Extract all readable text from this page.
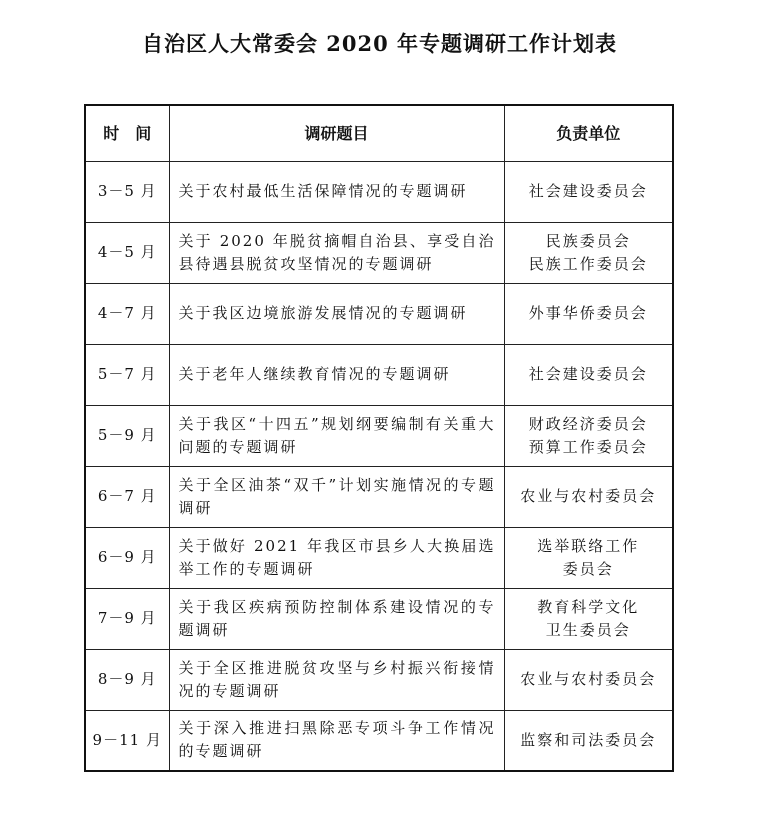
自治区人大常委会 2020 年专题调研工作计划表
时　间	调研题目	负责单位
3－5 月	关于农村最低生活保障情况的专题调研	社会建设委员会

4－5 月	关于 2020 年脱贫摘帽自治县、享受自治县待遇县脱贫攻坚情况的专题调研	民族委员会
民族工作委员会

4－7 月	关于我区边境旅游发展情况的专题调研	外事华侨委员会

5－7 月	关于老年人继续教育情况的专题调研	社会建设委员会

5－9 月	关于我区“十四五”规划纲要编制有关重大问题的专题调研	财政经济委员会
预算工作委员会

6－7 月	关于全区油茶“双千”计划实施情况的专题调研	农业与农村委员会

6－9 月	关于做好 2021 年我区市县乡人大换届选举工作的专题调研	选举联络工作
委员会

7－9 月	关于我区疾病预防控制体系建设情况的专题调研	教育科学文化
卫生委员会

8－9 月	关于全区推进脱贫攻坚与乡村振兴衔接情况的专题调研	农业与农村委员会

9－11 月	关于深入推进扫黑除恶专项斗争工作情况的专题调研	监察和司法委员会
